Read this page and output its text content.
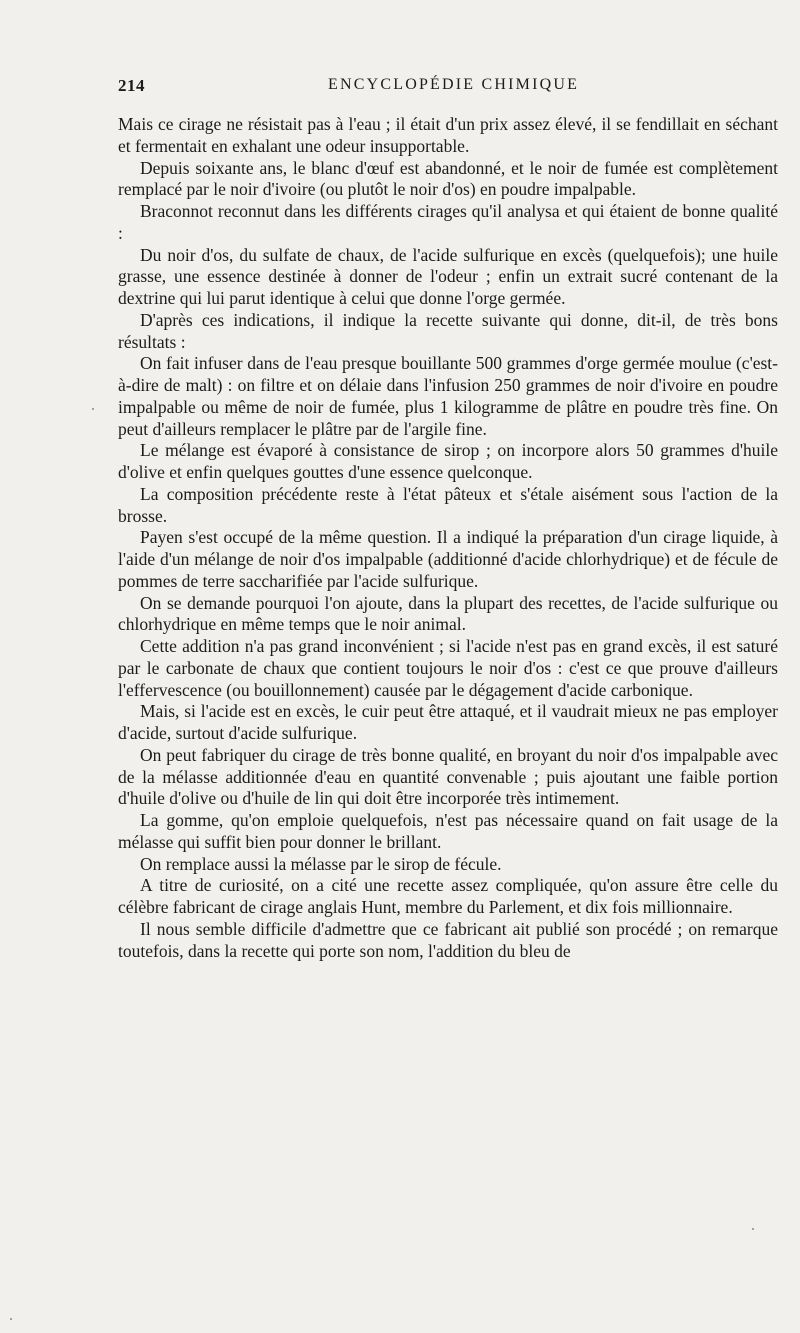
214	ENCYCLOPÉDIE CHIMIQUE

Mais ce cirage ne résistait pas à l'eau ; il était d'un prix assez élevé, il se fendillait en séchant et fermentait en exhalant une odeur insupportable.

Depuis soixante ans, le blanc d'œuf est abandonné, et le noir de fumée est complètement remplacé par le noir d'ivoire (ou plutôt le noir d'os) en poudre impalpable.

Braconnot reconnut dans les différents cirages qu'il analysa et qui étaient de bonne qualité :

Du noir d'os, du sulfate de chaux, de l'acide sulfurique en excès (quelquefois); une huile grasse, une essence destinée à donner de l'odeur ; enfin un extrait sucré contenant de la dextrine qui lui parut identique à celui que donne l'orge germée.

D'après ces indications, il indique la recette suivante qui donne, dit-il, de très bons résultats :

On fait infuser dans de l'eau presque bouillante 500 grammes d'orge germée moulue (c'est-à-dire de malt) : on filtre et on délaie dans l'infusion 250 grammes de noir d'ivoire en poudre impalpable ou même de noir de fumée, plus 1 kilogramme de plâtre en poudre très fine. On peut d'ailleurs remplacer le plâtre par de l'argile fine.

Le mélange est évaporé à consistance de sirop ; on incorpore alors 50 grammes d'huile d'olive et enfin quelques gouttes d'une essence quelconque.

La composition précédente reste à l'état pâteux et s'étale aisément sous l'action de la brosse.

Payen s'est occupé de la même question. Il a indiqué la préparation d'un cirage liquide, à l'aide d'un mélange de noir d'os impalpable (additionné d'acide chlorhydrique) et de fécule de pommes de terre saccharifiée par l'acide sulfurique.

On se demande pourquoi l'on ajoute, dans la plupart des recettes, de l'acide sulfurique ou chlorhydrique en même temps que le noir animal.

Cette addition n'a pas grand inconvénient ; si l'acide n'est pas en grand excès, il est saturé par le carbonate de chaux que contient toujours le noir d'os : c'est ce que prouve d'ailleurs l'effervescence (ou bouillonnement) causée par le dégagement d'acide carbonique.

Mais, si l'acide est en excès, le cuir peut être attaqué, et il vaudrait mieux ne pas employer d'acide, surtout d'acide sulfurique.

On peut fabriquer du cirage de très bonne qualité, en broyant du noir d'os impalpable avec de la mélasse additionnée d'eau en quantité convenable ; puis ajoutant une faible portion d'huile d'olive ou d'huile de lin qui doit être incorporée très intimement.

La gomme, qu'on emploie quelquefois, n'est pas nécessaire quand on fait usage de la mélasse qui suffit bien pour donner le brillant.

On remplace aussi la mélasse par le sirop de fécule.

A titre de curiosité, on a cité une recette assez compliquée, qu'on assure être celle du célèbre fabricant de cirage anglais Hunt, membre du Parlement, et dix fois millionnaire.

Il nous semble difficile d'admettre que ce fabricant ait publié son procédé ; on remarque toutefois, dans la recette qui porte son nom, l'addition du bleu de
